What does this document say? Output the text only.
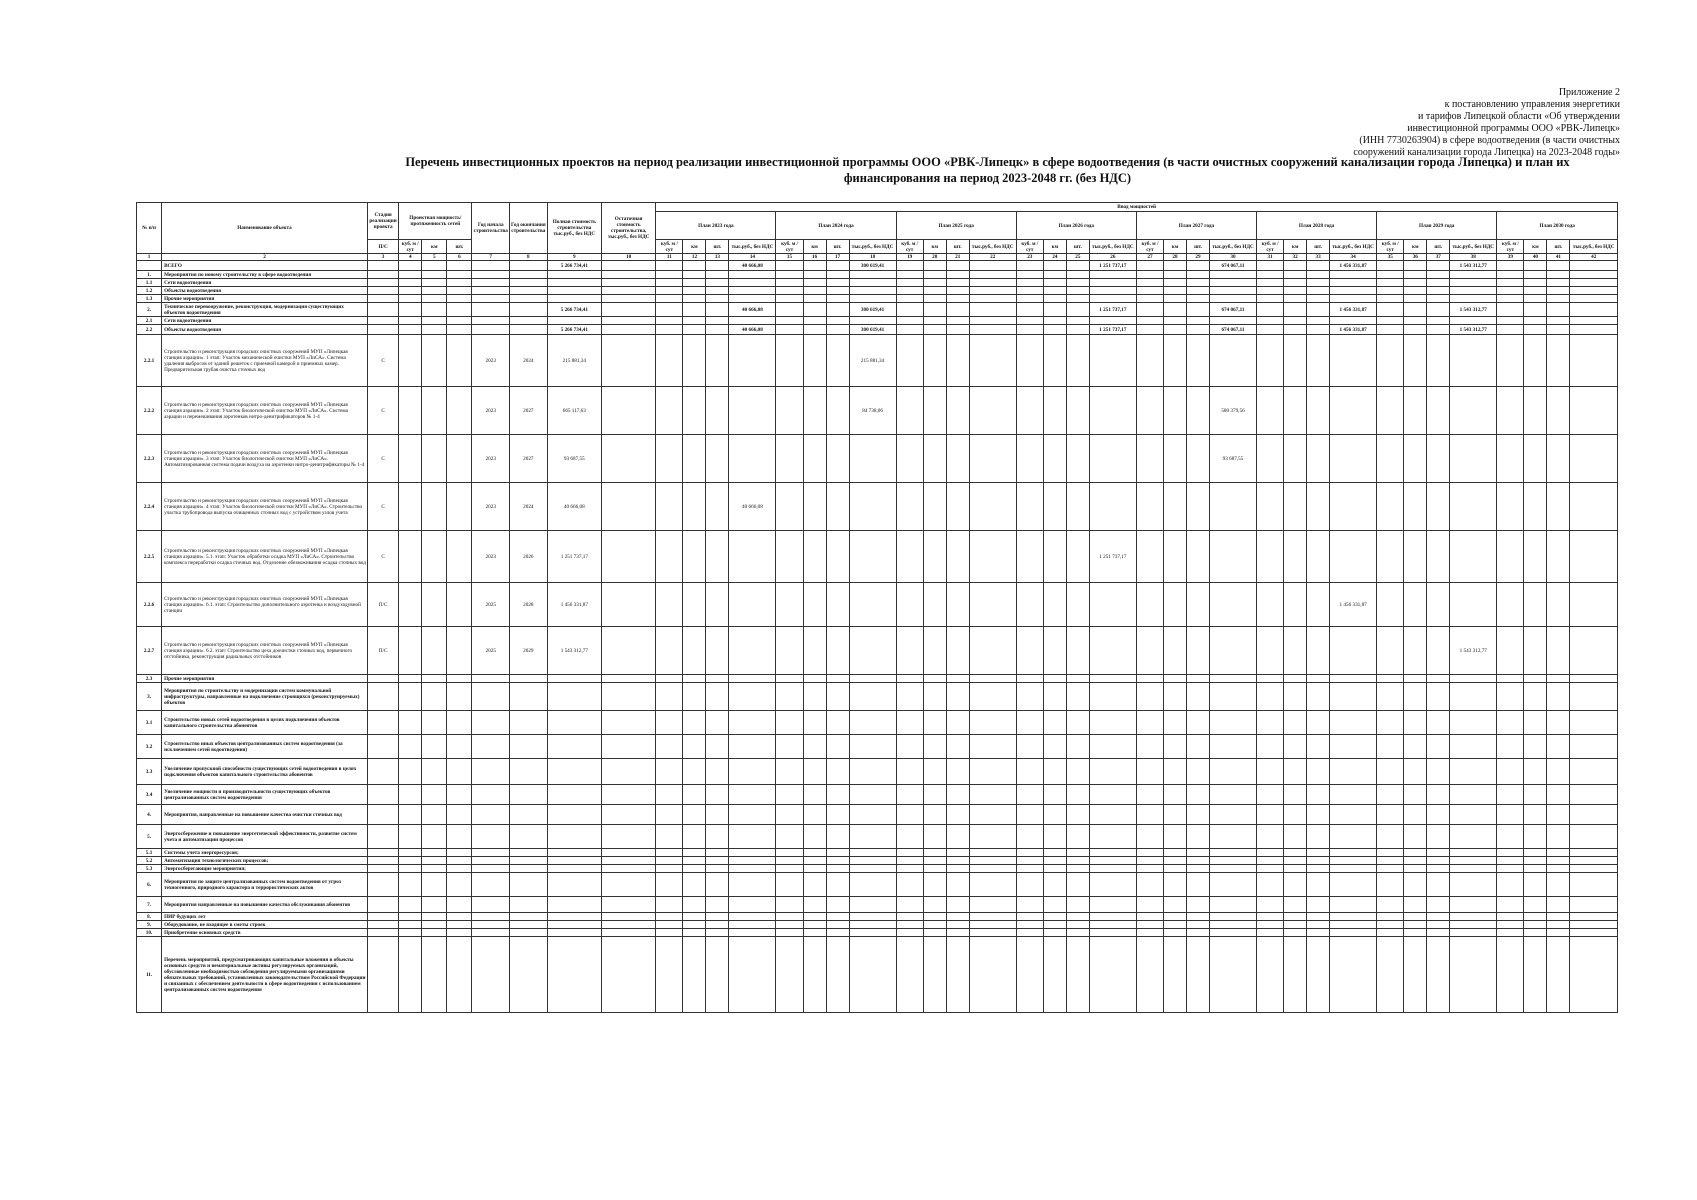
Приложение 2
к постановлению управления энергетики
и тарифов Липецкой области «Об утверждении
инвестиционной программы ООО «РВК-Липецк»
(ИНН 7730263904) в сфере водоотведения (в части очистных
сооружений канализации города Липецка) на 2023-2048 годы»
Перечень инвестиционных проектов на период реализации инвестиционной программы ООО «РВК-Липецк» в сфере водоотведения (в части очистных сооружений канализации города Липецка) и план их
финансирования на период 2023-2048 гг. (без НДС)
№ п/п	Наименование объекта	Стадия реализации проекта	Проектная мощность/ протяженность сетей			Год начала строительства	Год окончания строительства	Полная стоимость строительства тыс.руб., без НДС	Остаточная стоимость строительства, тыс.руб., без НДС	Ввод мощностей																															
										План 2023 года				План 2024 года				План 2025 года				План 2026 года				План 2027 года				План 2028 года				План 2029 года				План 2030 года			
		П/С	куб. м / сут	км	шт.					куб. м / сут	км	шт.	тыс.руб., без НДС	куб. м / сут	км	шт.	тыс.руб., без НДС	куб. м / сут	км	шт.	тыс.руб., без НДС	куб. м / сут	км	шт.	тыс.руб., без НДС	куб. м / сут	км	шт.	тыс.руб., без НДС	куб. м / сут	км	шт.	тыс.руб., без НДС	куб. м / сут	км	шт.	тыс.руб., без НДС	куб. м / сут	км	шт.	тыс.руб., без НДС
1	2	3	4	5	6	7	8	9	10	11	12	13	14	15	16	17	18	19	20	21	22	23	24	25	26	27	28	29	30	31	32	33	34	35	36	37	38	39	40	41	42
	ВСЕГО							5 266 734,41					40 666,08				300 619,41								1 251 737,17				674 067,11				1 456 331,87				1 543 312,77				
1.	Мероприятия по новому строительству в сфере водоотведения																																								
1.1	Сети водоотведения																																								
1.2	Объекты водоотведения																																								
1.3	Прочие мероприятия																																								
2.	Техническое перевооружение, реконструкция, модернизация существующих объектов водоотведения							5 266 734,41					40 666,08				300 619,41								1 251 737,17				674 067,11				1 456 331,87				1 543 312,77				
2.1	Сети водоотведения																																								
2.2	Объекты водоотведения							5 266 734,41					40 666,08				300 619,41								1 251 737,17				674 067,11				1 456 331,87				1 543 312,77				
2.2.1	Строительство и реконструкция городских очистных сооружений МУП «Липецкая станция аэрации». 1 этап: Участок механической очистки МУП «ЛиСА». Система удаления выбросов от зданий решеток с приемной камерой и приемных камер. Предварительная грубая очистка сточных вод	С				2023	2024	215 881,34									215 881,34																								
2.2.2	Строительство и реконструкция городских очистных сооружений МУП «Липецкая станция аэрации». 2 этап: Участок биологической очистки МУП «ЛиСА». Система аэрации и перемешивания аэротенков нитро-денитрификаторов № 1-4	С				2023	2027	665 117,63									84 738,06												580 379,56												
2.2.3	Строительство и реконструкция городских очистных сооружений МУП «Липецкая станция аэрации». 3 этап: Участок биологической очистки МУП «ЛиСА». Автоматизированная система подачи воздуха на аэротенки нитро-денитрификаторы № 1-4	С				2023	2027	93 687,55																					93 687,55												
2.2.4	Строительство и реконструкция городских очистных сооружений МУП «Липецкая станция аэрации». 4 этап: Участок биологической очистки МУП «ЛиСА». Строительство участка трубопровода выпуска очищенных сточных вод с устройством узлов учета	С				2023	2024	40 666,08					40 666,08																												
2.2.5	Строительство и реконструкция городских очистных сооружений МУП «Липецкая станция аэрации». 5.1. этап: Участок обработки осадка МУП «ЛиСА». Строительство комплекса переработки осадка сточных вод. Отделение обезвоживания осадка сточных вод	С				2023	2026	1 251 737,17																	1 251 737,17																
2.2.6	Строительство и реконструкция городских очистных сооружений МУП «Липецкая станция аэрации». 6.1. этап: Строительство дополнительного аэротенка и воздуходувной станции	П/С				2025	2028	1 456 331,87																									1 456 331,87								
2.2.7	Строительство и реконструкция городских очистных сооружений МУП «Липецкая станция аэрации». 6.2. этап: Строительство цеха доочистки сточных вод, первичного отстойника, реконструкция радиальных отстойников	П/С				2025	2029	1 543 312,77																													1 543 312,77				
2.3	Прочие мероприятия																																								
3.	Мероприятия по строительству и модернизации систем коммунальной инфраструктуры, направленные на подключение строящихся (реконструируемых) объектов																																								
3.1	Строительство новых сетей водоотведения в целях подключения объектов капитального строительства абонентов																																								
3.2	Строительство иных объектов централизованных систем водоотведения (за исключением сетей водоотведения)																																								
3.3	Увеличение пропускной способности существующих сетей водоотведения в целях подключения объектов капитального строительства абонентов																																								
3.4	Увеличение мощности и производительности существующих объектов централизованных систем водоотведения																																								
4.	Мероприятия, направленные на повышение качества очистки сточных вод																																								
5.	Энергосбережение и повышение энергетической эффективности, развитие систем учета и автоматизации процессов																																								
5.1	Системы учета энергоресурсов;																																								
5.2	Автоматизация технологических процессов;																																								
5.3	Энергосберегающие мероприятия;																																								
6.	Мероприятия по защите централизованных систем водоотведения от угроз техногенного, природного характера и террористических актов																																								
7.	Мероприятия направленные на повышение качества обслуживания абонентов																																								
8.	ПИР будущих лет																																								
9.	Оборудование, не входящее в сметы строек																																								
10.	Приобретение основных средств																																								
11.	Перечень мероприятий, предусматривающих капитальные вложения в объекты основных средств и нематериальные активы регулируемых организаций, обусловленные необходимостью соблюдения регулируемыми организациями обязательных требований, установленных законодательством Российской Федерации и связанных с обеспечением деятельности в сфере водоотведения с использованием централизованных систем водоотведения																																								
